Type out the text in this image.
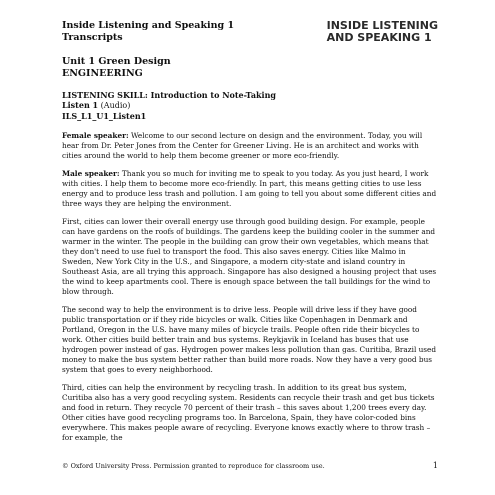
Inside Listening and Speaking 1
Transcripts
INSIDE LISTENING
AND SPEAKING 1
Unit 1 Green Design
ENGINEERING
LISTENING SKILL: Introduction to Note-Taking
Listen 1 (Audio)
ILS_L1_U1_Listen1

Female speaker: Welcome to our second lecture on design and the environment. Today, you will hear from Dr. Peter Jones from the Center for Greener Living. He is an architect and works with cities around the world to help them become greener or more eco-friendly.

Male speaker: Thank you so much for inviting me to speak to you today. As you just heard, I work with cities. I help them to become more eco-friendly. In part, this means getting cities to use less energy and to produce less trash and pollution. I am going to tell you about some different cities and three ways they are helping the environment.

First, cities can lower their overall energy use through good building design. For example, people can have gardens on the roofs of buildings. The gardens keep the building cooler in the summer and warmer in the winter. The people in the building can grow their own vegetables, which means that they don't need to use fuel to transport the food. This also saves energy. Cities like Malmo in Sweden, New York City in the U.S., and Singapore, a modern city-state and island country in Southeast Asia, are all trying this approach. Singapore has also designed a housing project that uses the wind to keep apartments cool. There is enough space between the tall buildings for the wind to blow through.

The second way to help the environment is to drive less. People will drive less if they have good public transportation or if they ride bicycles or walk. Cities like Copenhagen in Denmark and Portland, Oregon in the U.S. have many miles of bicycle trails. People often ride their bicycles to work. Other cities build better train and bus systems. Reykjavik in Iceland has buses that use hydrogen power instead of gas. Hydrogen power makes less pollution than gas. Curitiba, Brazil used money to make the bus system better rather than build more roads. Now they have a very good bus system that goes to every neighborhood.

Third, cities can help the environment by recycling trash. In addition to its great bus system, Curitiba also has a very good recycling system. Residents can recycle their trash and get bus tickets and food in return. They recycle 70 percent of their trash – this saves about 1,200 trees every day. Other cities have good recycling programs too. In Barcelona, Spain, they have color-coded bins everywhere. This makes people aware of recycling. Everyone knows exactly where to throw trash – for example, the

© Oxford University Press. Permission granted to reproduce for classroom use.	1
